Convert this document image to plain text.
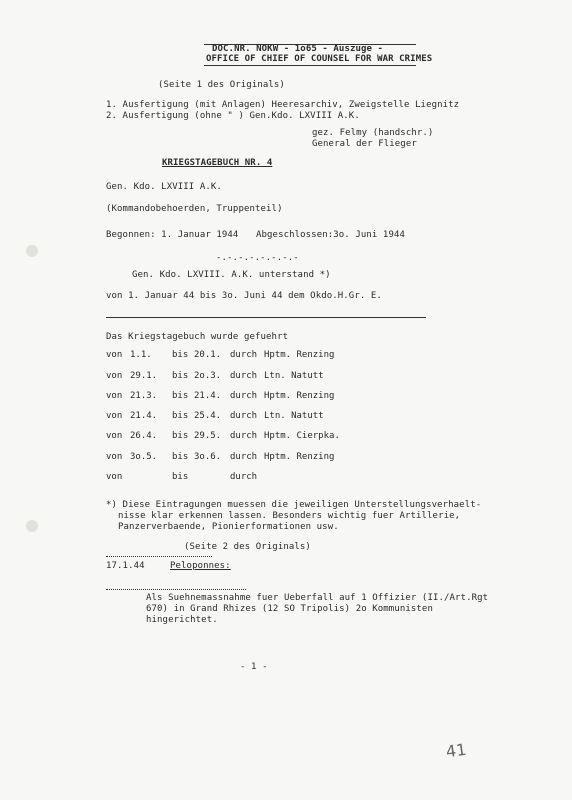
DOC.NR. NOKW - 1o65 - Auszuge -
OFFICE OF CHIEF OF COUNSEL FOR WAR CRIMES
(Seite 1 des Originals)
1. Ausfertigung (mit Anlagen) Heeresarchiv, Zweigstelle Liegnitz
2. Ausfertigung (ohne " ) Gen.Kdo. LXVIII A.K.
gez. Felmy (handschr.)
General der Flieger
KRIEGSTAGEBUCH NR. 4
Gen. Kdo. LXVIII A.K.
(Kommandobehoerden, Truppenteil)
Begonnen: 1. Januar 1944 Abgeschlossen:3o. Juni 1944
-.-.-.-.-.-.-.-
Gen. Kdo. LXVIII. A.K. unterstand *)
von 1. Januar 44 bis 3o. Juni 44 dem Okdo.H.Gr. E.
Das Kriegstagebuch wurde gefuehrt
von 1.1. bis 20.1. durch Hptm. Renzing
von 29.1. bis 2o.3. durch Ltn. Natutt
von 21.3. bis 21.4. durch Hptm. Renzing
von 21.4. bis 25.4. durch Ltn. Natutt
von 26.4. bis 29.5. durch Hptm. Cierpka.
von 3o.5. bis 3o.6. durch Hptm. Renzing
von	bis	durch
*) Diese Eintragungen muessen die jeweiligen Unterstellungsverhaelt-
nisse klar erkennen lassen. Besonders wichtig fuer Artillerie,
Panzerverbaende, Pionierformationen usw.
(Seite 2 des Originals)
17.1.44	Peloponnes:
Als Suehnemassnahme fuer Ueberfall auf 1 Offizier (II./Art.Rgt
670) in Grand Rhizes (12 SO Tripolis) 2o Kommunisten
hingerichtet.
- 1 -
41
